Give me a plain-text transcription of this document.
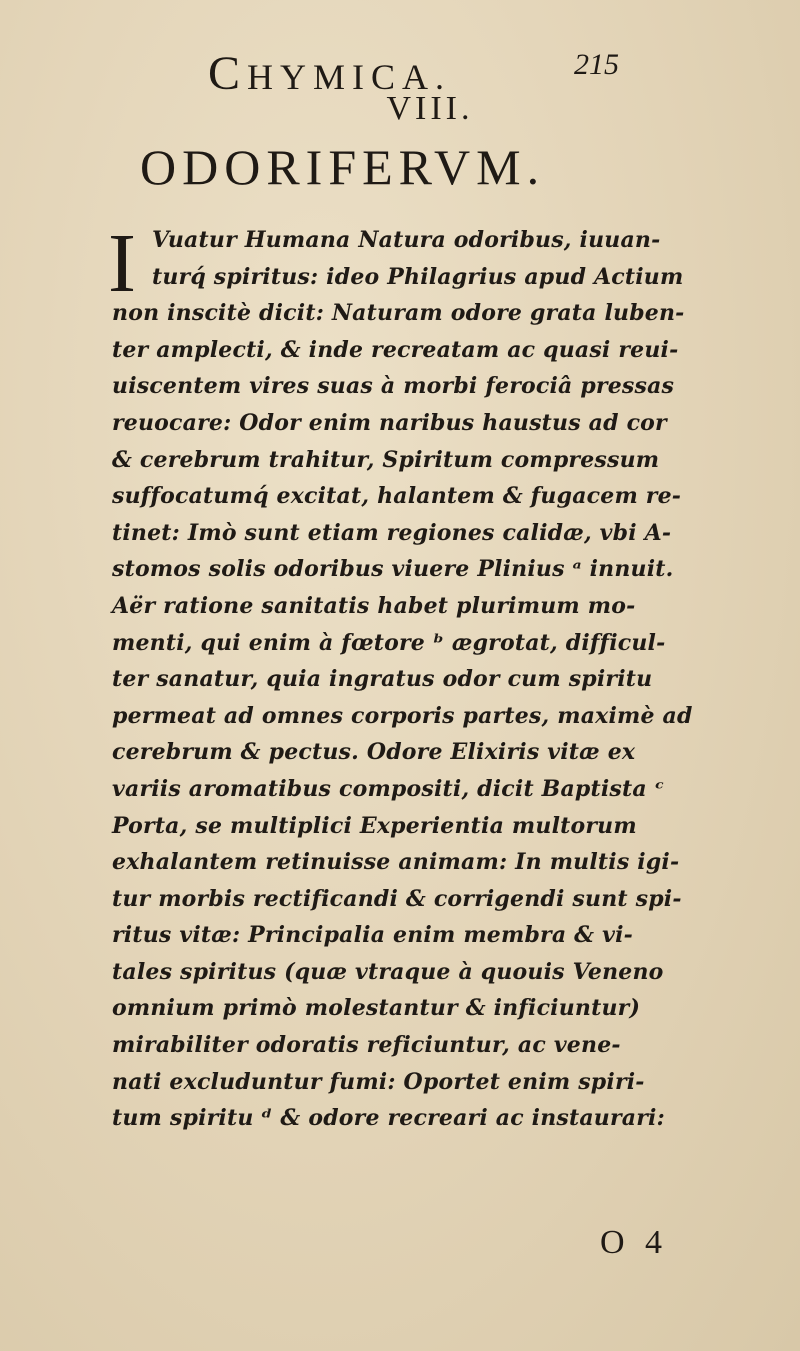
CHYMICA.	215
VIII.
ODORIFERVM.
I Vuatur Humana Natura odoribus, iuuan-
turq́ spiritus: ideo Philagrius apud Actium
non inscitè dicit: Naturam odore grata luben-
ter amplecti, & inde recreatam ac quasi reui-
uiscentem vires suas à morbi ferociâ pressas
reuocare: Odor enim naribus haustus ad cor
& cerebrum trahitur, Spiritum compressum
suffocatumq́ excitat, halantem & fugacem re-
tinet: Imò sunt etiam regiones calidæ, vbi Α-
stomos solis odoribus viuere Plinius ᵃ innuit.
Aër ratione sanitatis habet plurimum mo-
menti, qui enim à fœtore ᵇ ægrotat, difficul-
ter sanatur, quia ingratus odor cum spiritu
permeat ad omnes corporis partes, maximè ad
cerebrum & pectus. Odore Elixiris vitæ ex
variis aromatibus compositi, dicit Baptista ᶜ
Porta, se multiplici Experientia multorum
exhalantem retinuisse animam: In multis igi-
tur morbis rectificandi & corrigendi sunt spi-
ritus vitæ: Principalia enim membra & vi-
tales spiritus (quæ vtraque à quouis Veneno
omnium primò molestantur & inficiuntur)
mirabiliter odoratis reficiuntur, ac vene-
nati excluduntur fumi: Oportet enim spiri-
tum spiritu ᵈ & odore recreari ac instaurari:
O 4
